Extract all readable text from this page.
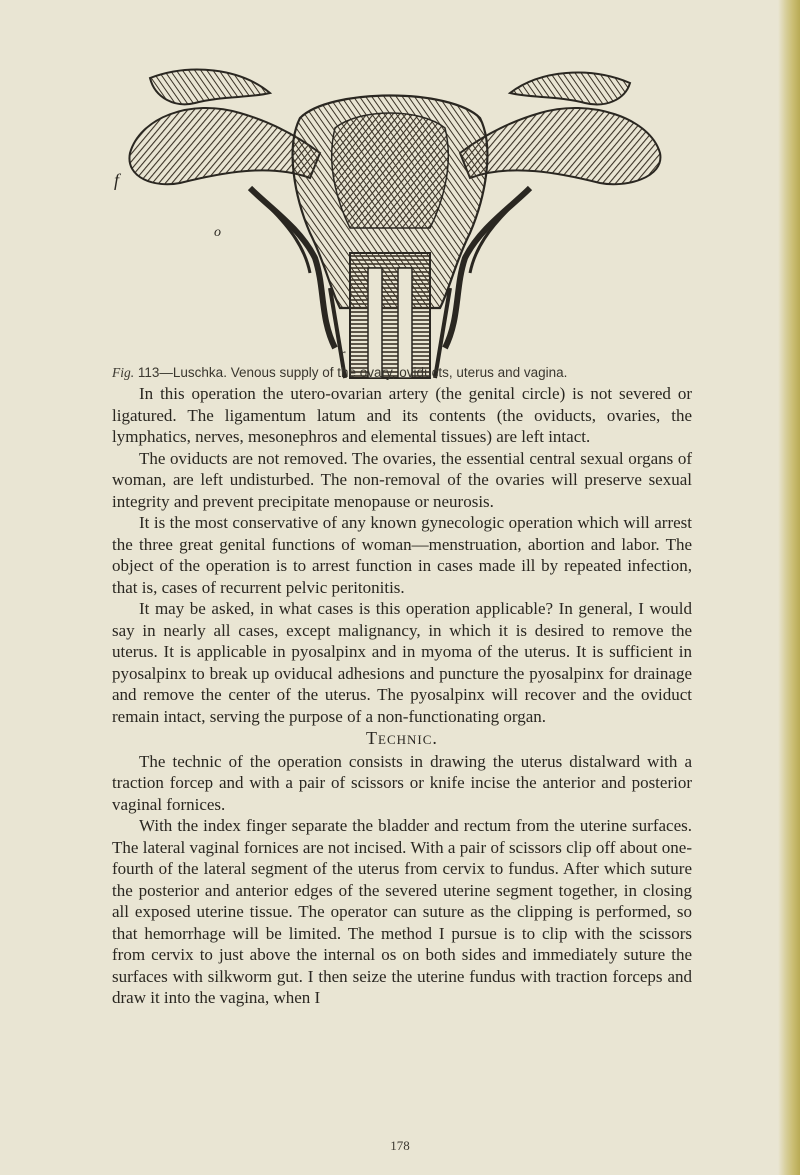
f
o
r
Fig. 113—Luschka. Venous supply of the ovary, oviducts, uterus and vagina.

In this operation the utero-ovarian artery (the genital circle) is not severed or ligatured. The ligamentum latum and its contents (the oviducts, ovaries, the lymphatics, nerves, mesonephros and elemental tissues) are left intact.

The oviducts are not removed. The ovaries, the essential central sexual organs of woman, are left undisturbed. The non-removal of the ovaries will preserve sexual integrity and prevent precipitate menopause or neurosis.

It is the most conservative of any known gynecologic operation which will arrest the three great genital functions of woman—menstruation, abortion and labor. The object of the operation is to arrest function in cases made ill by repeated infection, that is, cases of recurrent pelvic peritonitis.

It may be asked, in what cases is this operation applicable? In general, I would say in nearly all cases, except malignancy, in which it is desired to remove the uterus. It is applicable in pyosalpinx and in myoma of the uterus. It is sufficient in pyosalpinx to break up oviducal adhesions and puncture the pyosalpinx for drainage and remove the center of the uterus. The pyosalpinx will recover and the oviduct remain intact, serving the purpose of a non-functionating organ.

Technic.

The technic of the operation consists in drawing the uterus distalward with a traction forcep and with a pair of scissors or knife incise the anterior and posterior vaginal fornices.

With the index finger separate the bladder and rectum from the uterine surfaces. The lateral vaginal fornices are not incised. With a pair of scissors clip off about one-fourth of the lateral segment of the uterus from cervix to fundus. After which suture the posterior and anterior edges of the severed uterine segment together, in closing all exposed uterine tissue. The operator can suture as the clipping is performed, so that hemorrhage will be limited. The method I pursue is to clip with the scissors from cervix to just above the internal os on both sides and immediately suture the surfaces with silkworm gut. I then seize the uterine fundus with traction forceps and draw it into the vagina, when I

178
